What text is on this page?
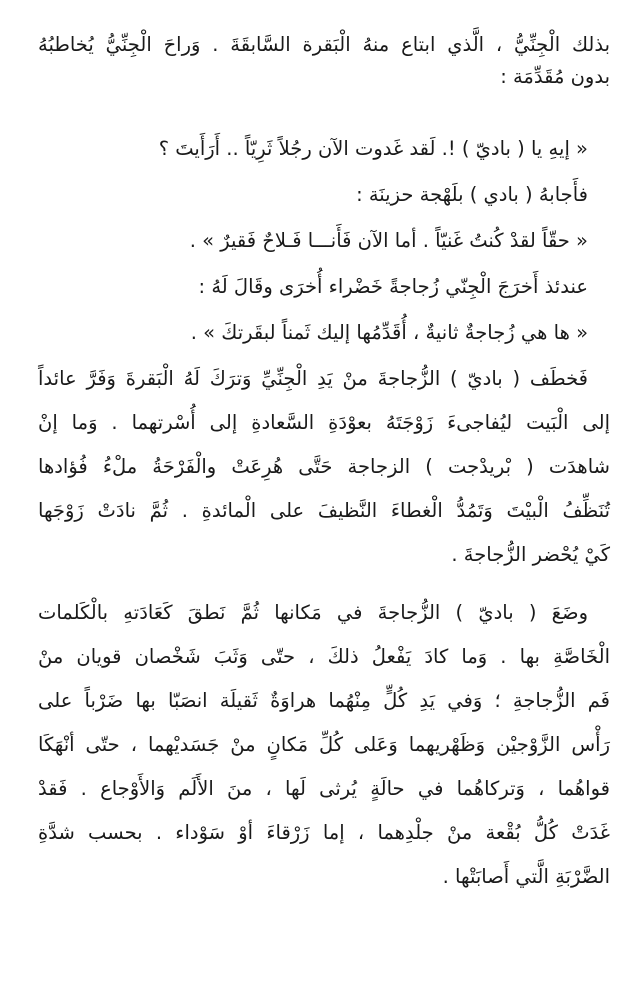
بذلك الْجِنِّيُّ ، الَّذي ابتاع منهُ الْبَقرة السَّابقَةَ . وَراحَ الْجِنِّيُّ يُخاطبُهُ
بدون مُقَدِّمَة :
« إيهِ يا ( باديّ ) !. لَقد غَدوت الآن رجُلاً ثَرِيّاً .. أَرَأَيتَ ؟
فأَجابهُ ( بادي ) بلَهْجة حزينَة :
« حقّاً لقدْ كُنتُ غَنيّاً . أما الآن فَأَنـــا فَـلاحٌ فَقيرٌ » .
عندئذ أَخرَجَ الْجِنّي زُجاجةً خَضْراء أُخرَى وقَالَ لَهُ :
« ها هي زُجاجةٌ ثانيةٌ ، أُقَدِّمُها إليك ثَمناً لبقَرتكَ » .
فَخطَف ( باديّ ) الزُّجاجةَ منْ يَدِ الْجِنِّيِّ وَترَكَ لَهُ الْبَقرةَ وَفَرَّ عائداً
إلى الْبَيت ليُفاجىءَ زَوْجَتَهُ بعوْدَةِ السَّعادةِ إلى أُسْرتهما . وَما إنْ
شاهدَت ( بْريدْجت ) الزجاجة حَتَّى هُرِعَتْ والْفَرْحَةُ ملْءُ فُؤادها
تُنَظِّفُ الْبيْتَ وَتَمُدُّ الْغطاءَ النَّظيفَ على الْمائدةِ . ثُمَّ نادَتْ زَوْجَها
كَيْ يُحْضر الزُّجاجةَ .
وضَعَ ( باديّ ) الزُّجاجةَ في مَكانها ثُمَّ نَطقَ كَعَادَتهِ بالْكَلمات
الْخَاصَّةِ بها . وَما كادَ يَفْعلُ ذلكَ ، حتّى وَثَبَ شَخْصان قويان منْ
فَم الزُّجاجةِ ؛ وَفي يَدِ كُلٍّ مِنْهُما هراوَةٌ ثَقيلَة انصَبّا بها ضَرْباً على
رَأْس الزَّوْجيْن وَظَهْريهما وَعَلى كُلِّ مَكانٍ منْ جَسَديْهما ، حتّى أنْهَكَا
قواهُما ، وَتركاهُما في حالَةٍ يُرثى لَها ، منَ الأَلَم وَالأَوْجاع . فَقدْ
غَدَتْ كُلُّ بُقْعة منْ جلْدِهما ، إما زَرْقاءَ أوْ سَوْداء . بحسب شدَّةِ
الضَّرْبَةِ الَّتي أَصابَتْها .
